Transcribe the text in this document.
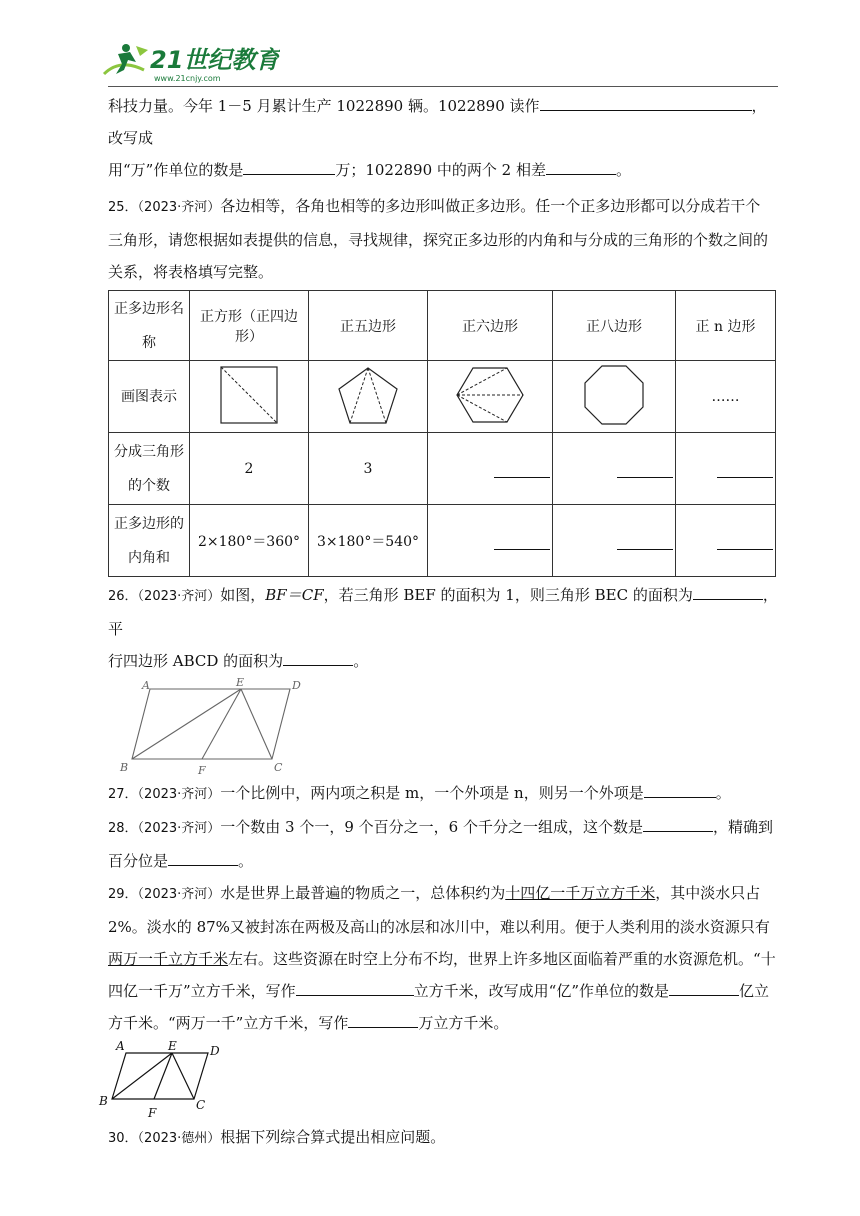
21世纪教育
www.21cnjy.com

科技力量。今年 1－5 月累计生产 1022890 辆。1022890 读作	，改写成

用“万”作单位的数是	万；1022890 中的两个 2 相差	。

25．（2023·齐河）各边相等，各角也相等的多边形叫做正多边形。任一个正多边形都可以分成若干个

三角形，请您根据如表提供的信息，寻找规律，探究正多边形的内角和与分成的三角形的个数之间的

关系，将表格填写完整。

正多边形名称	正方形（正四边形）	正五边形	正六边形	正八边形	正 n 边形
画图表示					……
分成三角形的个数	2	3	

正多边形的内角和	2×180°＝360°	3×180°＝540°	

26．（2023·齐河）如图，BF＝CF，若三角形 BEF 的面积为 1，则三角形 BEC 的面积为	，平

行四边形 ABCD 的面积为	。

A	E	D
B	F	C

27．（2023·齐河）一个比例中，两内项之积是 m，一个外项是 n，则另一个外项是	。

28．（2023·齐河）一个数由 3 个一，9 个百分之一，6 个千分之一组成，这个数是	，精确到

百分位是	。

29．（2023·齐河）水是世界上最普遍的物质之一，总体积约为十四亿一千万立方千米，其中淡水只占

2%。淡水的 87%又被封冻在两极及高山的冰层和冰川中，难以利用。便于人类利用的淡水资源只有

两万一千立方千米左右。这些资源在时空上分布不均，世界上许多地区面临着严重的水资源危机。“十

四亿一千万”立方千米，写作	立方千米，改写成用“亿”作单位的数是	亿立

方千米。“两万一千”立方千米，写作	万立方千米。

A	E	D
B
F
C

30．（2023·德州）根据下列综合算式提出相应问题。
